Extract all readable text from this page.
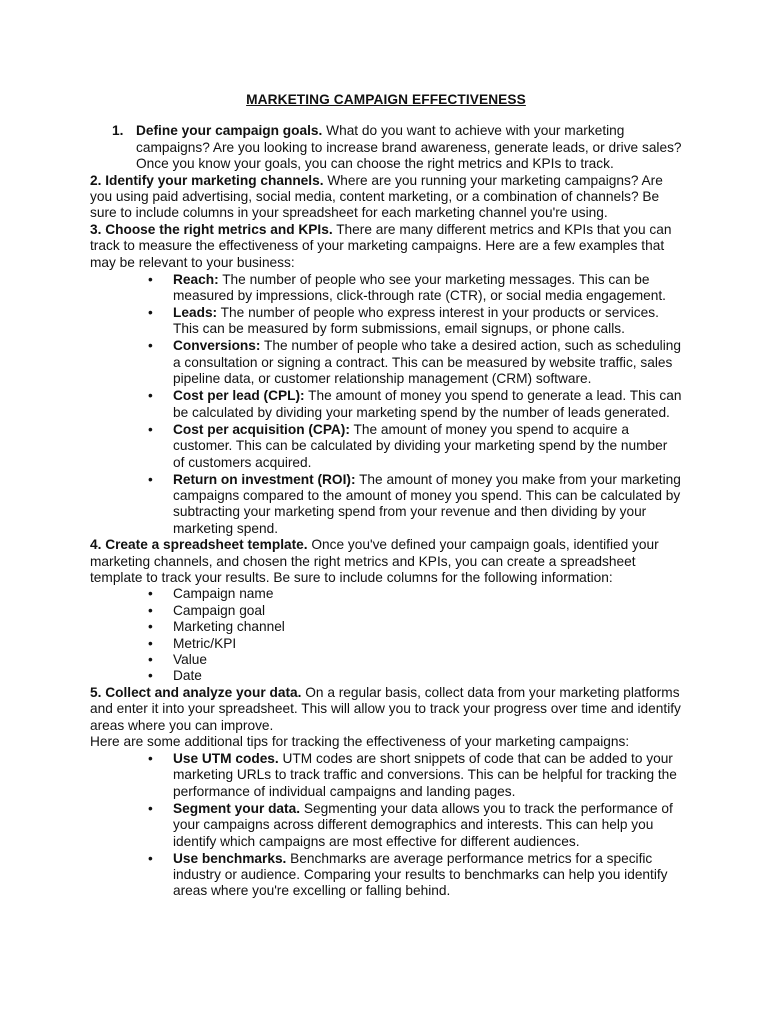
MARKETING CAMPAIGN EFFECTIVENESS

1. Define your campaign goals. What do you want to achieve with your marketing campaigns? Are you looking to increase brand awareness, generate leads, or drive sales? Once you know your goals, you can choose the right metrics and KPIs to track.

2. Identify your marketing channels. Where are you running your marketing campaigns? Are you using paid advertising, social media, content marketing, or a combination of channels? Be sure to include columns in your spreadsheet for each marketing channel you're using.

3. Choose the right metrics and KPIs. There are many different metrics and KPIs that you can track to measure the effectiveness of your marketing campaigns. Here are a few examples that may be relevant to your business:

• Reach: The number of people who see your marketing messages. This can be measured by impressions, click-through rate (CTR), or social media engagement.
• Leads: The number of people who express interest in your products or services. This can be measured by form submissions, email signups, or phone calls.
• Conversions: The number of people who take a desired action, such as scheduling a consultation or signing a contract. This can be measured by website traffic, sales pipeline data, or customer relationship management (CRM) software.
• Cost per lead (CPL): The amount of money you spend to generate a lead. This can be calculated by dividing your marketing spend by the number of leads generated.
• Cost per acquisition (CPA): The amount of money you spend to acquire a customer. This can be calculated by dividing your marketing spend by the number of customers acquired.
• Return on investment (ROI): The amount of money you make from your marketing campaigns compared to the amount of money you spend. This can be calculated by subtracting your marketing spend from your revenue and then dividing by your marketing spend.

4. Create a spreadsheet template. Once you've defined your campaign goals, identified your marketing channels, and chosen the right metrics and KPIs, you can create a spreadsheet template to track your results. Be sure to include columns for the following information:

• Campaign name
• Campaign goal
• Marketing channel
• Metric/KPI
• Value
• Date

5. Collect and analyze your data. On a regular basis, collect data from your marketing platforms and enter it into your spreadsheet. This will allow you to track your progress over time and identify areas where you can improve.

Here are some additional tips for tracking the effectiveness of your marketing campaigns:

• Use UTM codes. UTM codes are short snippets of code that can be added to your marketing URLs to track traffic and conversions. This can be helpful for tracking the performance of individual campaigns and landing pages.
• Segment your data. Segmenting your data allows you to track the performance of your campaigns across different demographics and interests. This can help you identify which campaigns are most effective for different audiences.
• Use benchmarks. Benchmarks are average performance metrics for a specific industry or audience. Comparing your results to benchmarks can help you identify areas where you're excelling or falling behind.
